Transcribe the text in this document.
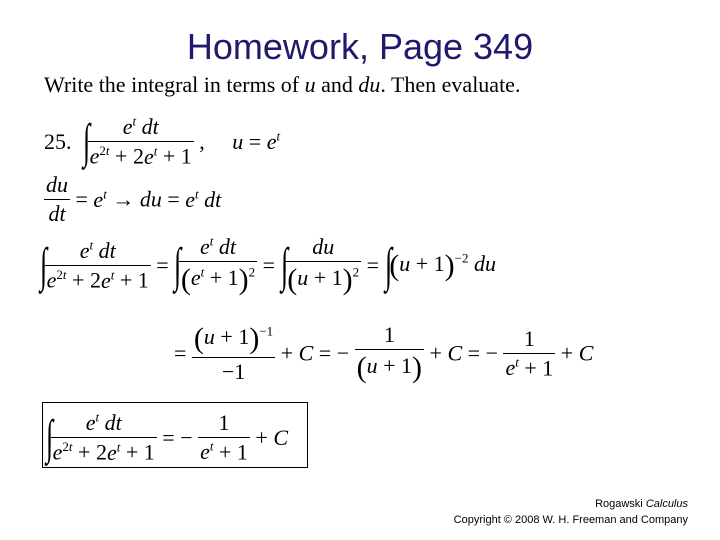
Homework, Page 349
Write the integral in terms of u and du. Then evaluate.
25. ∫
$\frac{e^t dt}{e^{2t} + 2e^t + 1}$ ,     $u = e^t$
$\frac{du}{dt} = e^t$ → du = $e^t$ dt
∫
$\frac{e^t dt}{e^{2t} + 2e^t + 1}$ = ∫
$\frac{e^t dt}{(e^t + 1)^2}$ = ∫
$\frac{du}{(u + 1)^2}$ = ∫ $(u + 1)^{-2}$ du
= $\frac{(u + 1)^{-1}}{-1} + C$ = − $\frac{1}{(u + 1)} + C$ = − $\frac{1}{e^t + 1} + C$
∫
$\frac{e^t dt}{e^{2t} + 2e^t + 1}$ = − $\frac{1}{e^t + 1} + C$
Rogawski Calculus
Copyright © 2008 W. H. Freeman and Company
